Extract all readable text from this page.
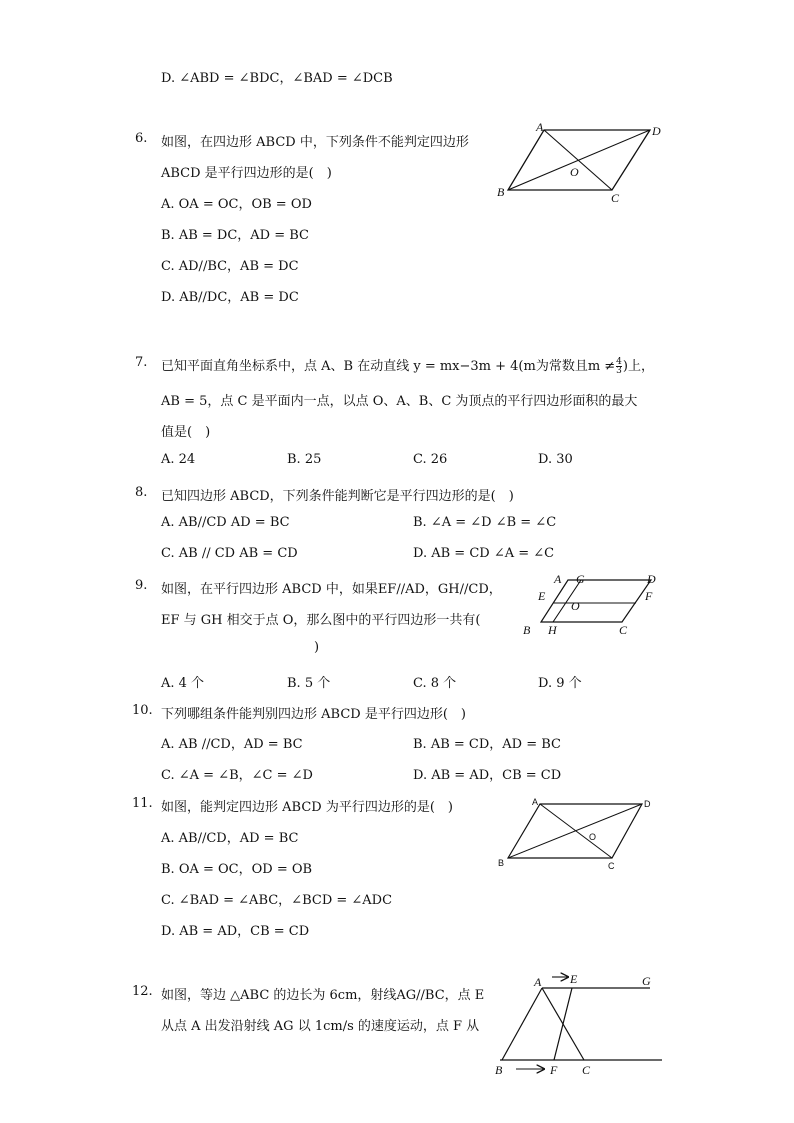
D. ∠ABD = ∠BDC，∠BAD = ∠DCB
6. 如图，在四边形 ABCD 中，下列条件不能判定四边形
ABCD 是平行四边形的是(　)
A. OA = OC，OB = OD
B. AB = DC，AD = BC
C. AD//BC，AB = DC
D. AB//DC，AB = DC
A	D
B	C
O
7. 已知平面直角坐标系中，点 A、B 在动直线 y = mx−3m + 4(m为常数且$m \ne \frac{4}{3}$ )上，
AB = 5，点 C 是平面内一点，以点 O、A、B、C 为顶点的平行四边形面积的最大
值是(　)
A. 24	B. 25	C. 26	D. 30
8. 已知四边形 ABCD，下列条件能判断它是平行四边形的是(　)
A. AB//CD AD = BC	B. ∠A = ∠D ∠B = ∠C
C. AB // CD AB = CD	D. AB = CD ∠A = ∠C
9. 如图，在平行四边形 ABCD 中，如果EF//AD，GH//CD，
EF 与 GH 相交于点 O，那么图中的平行四边形一共有(
)
A. 4 个	B. 5 个	C. 8 个	D. 9 个
A G	D
E
O
F
B H	C
10. 下列哪组条件能判别四边形 ABCD 是平行四边形(　)
A. AB //CD，AD = BC	B. AB = CD，AD = BC
C. ∠A = ∠B，∠C = ∠D	D. AB = AD，CB = CD
11. 如图，能判定四边形 ABCD 为平行四边形的是(　)
A. AB//CD，AD = BC
B. OA = OC，OD = OB
C. ∠BAD = ∠ABC，∠BCD = ∠ADC
D. AB = AD，CB = CD
A	D
O
B	C
12. 如图，等边 △ABC 的边长为 6cm，射线AG//BC，点 E
从点 A 出发沿射线 AG 以 1cm/s 的速度运动，点 F 从
A E	G
B	F C
